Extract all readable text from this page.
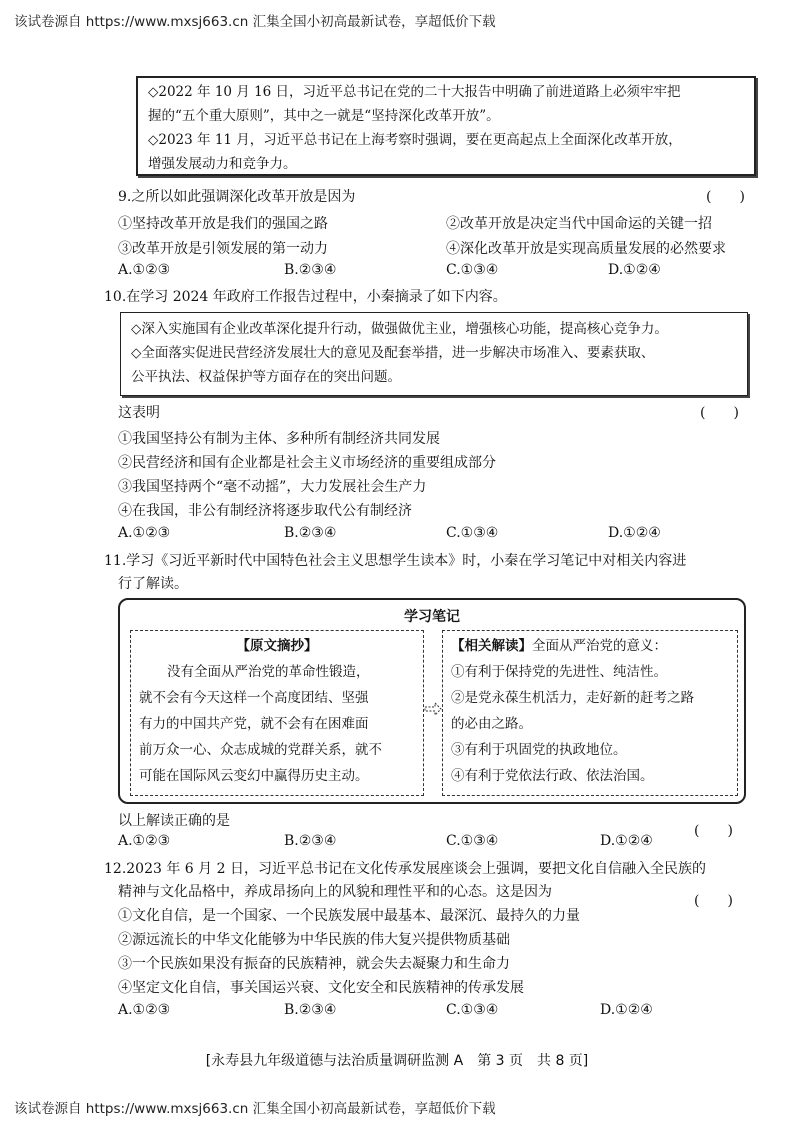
该试卷源自 https://www.mxsj663.cn 汇集全国小初高最新试卷，享超低价下载

◇2022 年 10 月 16 日，习近平总书记在党的二十大报告中明确了前进道路上必须牢牢把

握的“五个重大原则”，其中之一就是“坚持深化改革开放”。

◇2023 年 11 月，习近平总书记在上海考察时强调，要在更高起点上全面深化改革开放，

增强发展动力和竞争力。

9.之所以如此强调深化改革开放是因为	(　　)
①坚持改革开放是我们的强国之路	②改革开放是决定当代中国命运的关键一招
③改革开放是引领发展的第一动力	④深化改革开放是实现高质量发展的必然要求
A.①②③	B.②③④	C.①③④	D.①②④
10.在学习 2024 年政府工作报告过程中，小秦摘录了如下内容。

◇深入实施国有企业改革深化提升行动，做强做优主业，增强核心功能，提高核心竞争力。

◇全面落实促进民营经济发展壮大的意见及配套举措，进一步解决市场准入、要素获取、

公平执法、权益保护等方面存在的突出问题。

这表明	(　　)
①我国坚持公有制为主体、多种所有制经济共同发展
②民营经济和国有企业都是社会主义市场经济的重要组成部分
③我国坚持两个“毫不动摇”，大力发展社会生产力
④在我国，非公有制经济将逐步取代公有制经济
A.①②③	B.②③④	C.①③④	D.①②④
11.学习《习近平新时代中国特色社会主义思想学生读本》时，小秦在学习笔记中对相关内容进
行了解读。
学习笔记
【原文摘抄】
没有全面从严治党的革命性锻造，
就不会有今天这样一个高度团结、坚强
有力的中国共产党，就不会有在困难面
前万众一心、众志成城的党群关系，就不
可能在国际风云变幻中赢得历史主动。
【相关解读】全面从严治党的意义：
①有利于保持党的先进性、纯洁性。
②是党永葆生机活力，走好新的赶考之路
的必由之路。
③有利于巩固党的执政地位。
④有利于党依法行政、依法治国。
以上解读正确的是
(　　)
A.①②③	B.②③④	C.①③④	D.①②④
12.2023 年 6 月 2 日，习近平总书记在文化传承发展座谈会上强调，要把文化自信融入全民族的
精神与文化品格中，养成昂扬向上的风貌和理性平和的心态。这是因为
(　　)
①文化自信，是一个国家、一个民族发展中最基本、最深沉、最持久的力量
②源远流长的中华文化能够为中华民族的伟大复兴提供物质基础
③一个民族如果没有振奋的民族精神，就会失去凝聚力和生命力
④坚定文化自信，事关国运兴衰、文化安全和民族精神的传承发展
A.①②③	B.②③④	C.①③④	D.①②④
[永寿县九年级道德与法治质量调研监测 A　第 3 页　共 8 页]
该试卷源自 https://www.mxsj663.cn 汇集全国小初高最新试卷，享超低价下载
